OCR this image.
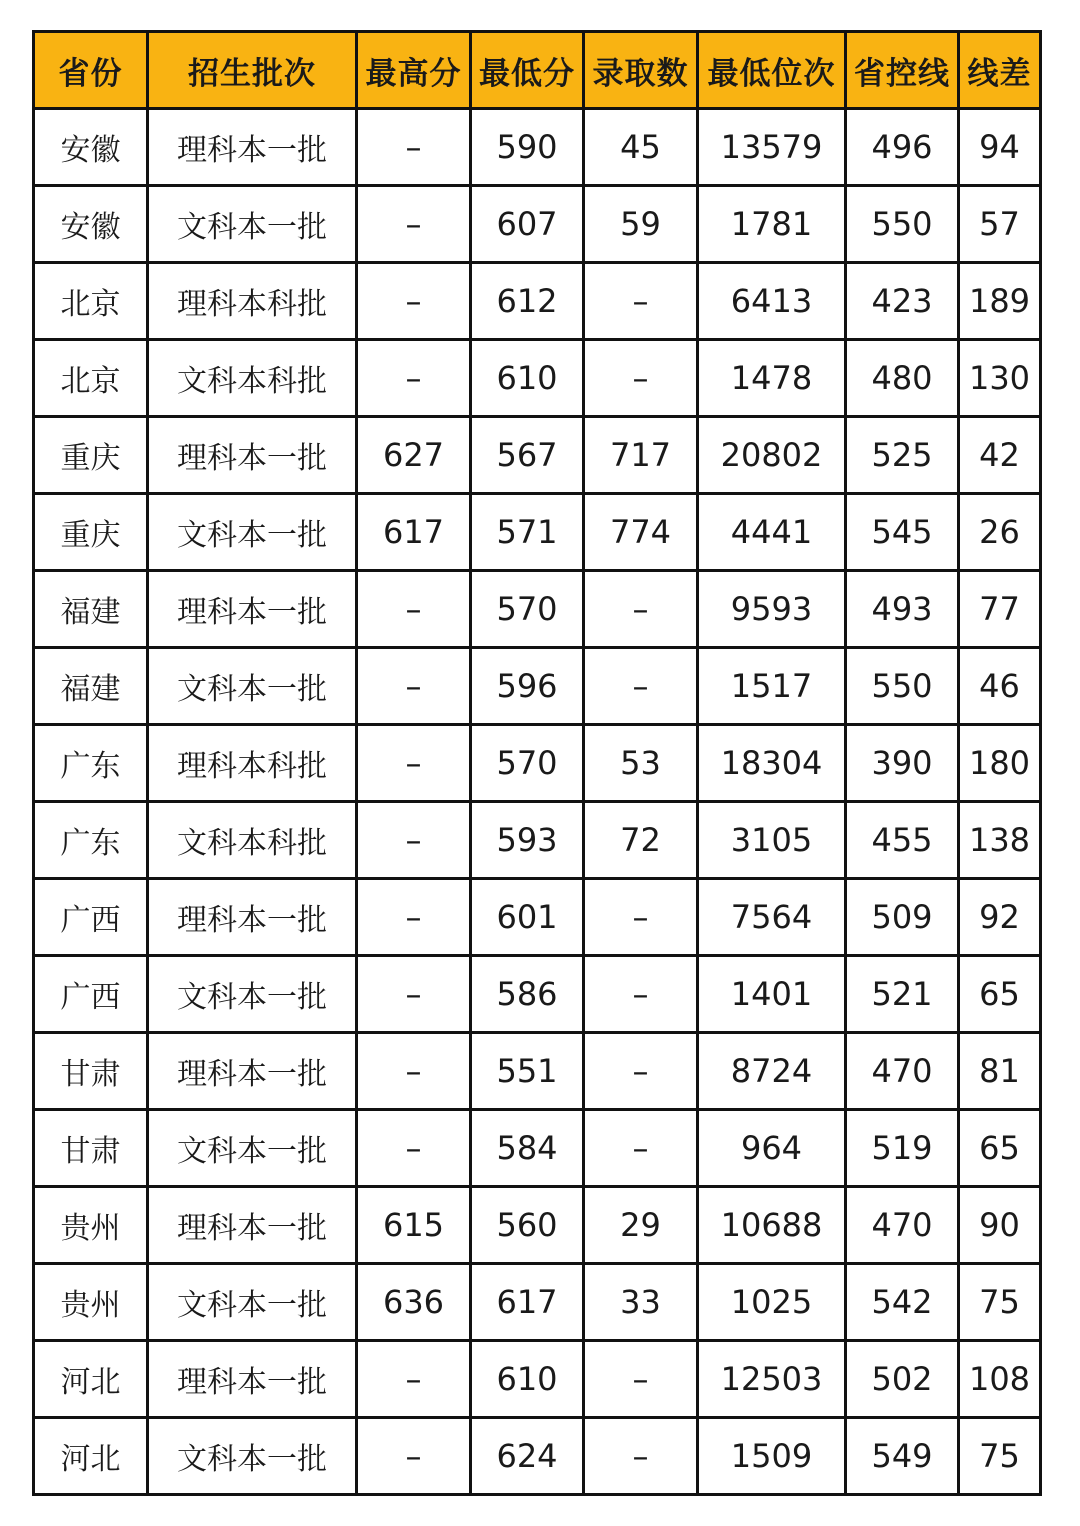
省份	招生批次	最高分	最低分	录取数	最低位次	省控线	线差
安徽	理科本一批	–	590	45	13579	496	94
安徽	文科本一批	–	607	59	1781	550	57
北京	理科本科批	–	612	–	6413	423	189
北京	文科本科批	–	610	–	1478	480	130
重庆	理科本一批	627	567	717	20802	525	42
重庆	文科本一批	617	571	774	4441	545	26
福建	理科本一批	–	570	–	9593	493	77
福建	文科本一批	–	596	–	1517	550	46
广东	理科本科批	–	570	53	18304	390	180
广东	文科本科批	–	593	72	3105	455	138
广西	理科本一批	–	601	–	7564	509	92
广西	文科本一批	–	586	–	1401	521	65
甘肃	理科本一批	–	551	–	8724	470	81
甘肃	文科本一批	–	584	–	964	519	65
贵州	理科本一批	615	560	29	10688	470	90
贵州	文科本一批	636	617	33	1025	542	75
河北	理科本一批	–	610	–	12503	502	108
河北	文科本一批	–	624	–	1509	549	75
